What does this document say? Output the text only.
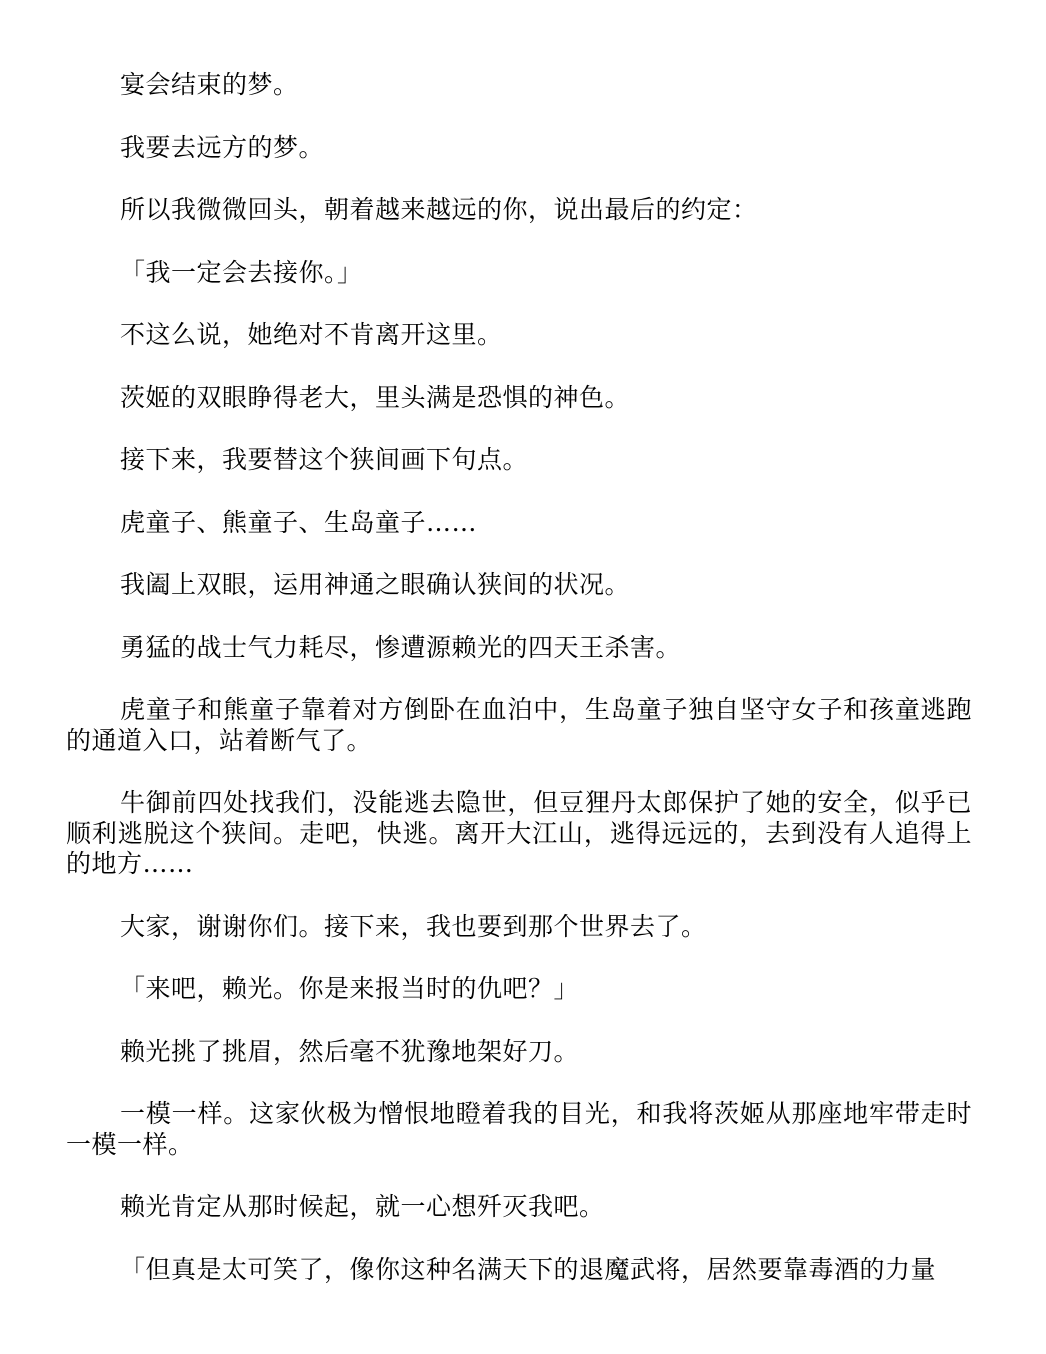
宴会结束的梦。

我要去远方的梦。

所以我微微回头，朝着越来越远的你，说出最后的约定：

「我一定会去接你。」

不这么说，她绝对不肯离开这里。

茨姬的双眼睁得老大，里头满是恐惧的神色。

接下来，我要替这个狭间画下句点。

虎童子、熊童子、生岛童子……

我阖上双眼，运用神通之眼确认狭间的状况。

勇猛的战士气力耗尽，惨遭源赖光的四天王杀害。

虎童子和熊童子靠着对方倒卧在血泊中，生岛童子独自坚守女子和孩童逃跑的通道入口，站着断气了。

牛御前四处找我们，没能逃去隐世，但豆狸丹太郎保护了她的安全，似乎已顺利逃脱这个狭间。走吧，快逃。离开大江山，逃得远远的，去到没有人追得上的地方……

大家，谢谢你们。接下来，我也要到那个世界去了。

「来吧，赖光。你是来报当时的仇吧？」

赖光挑了挑眉，然后毫不犹豫地架好刀。

一模一样。这家伙极为憎恨地瞪着我的目光，和我将茨姬从那座地牢带走时一模一样。

赖光肯定从那时候起，就一心想歼灭我吧。

「但真是太可笑了，像你这种名满天下的退魔武将，居然要靠毒酒的力量
